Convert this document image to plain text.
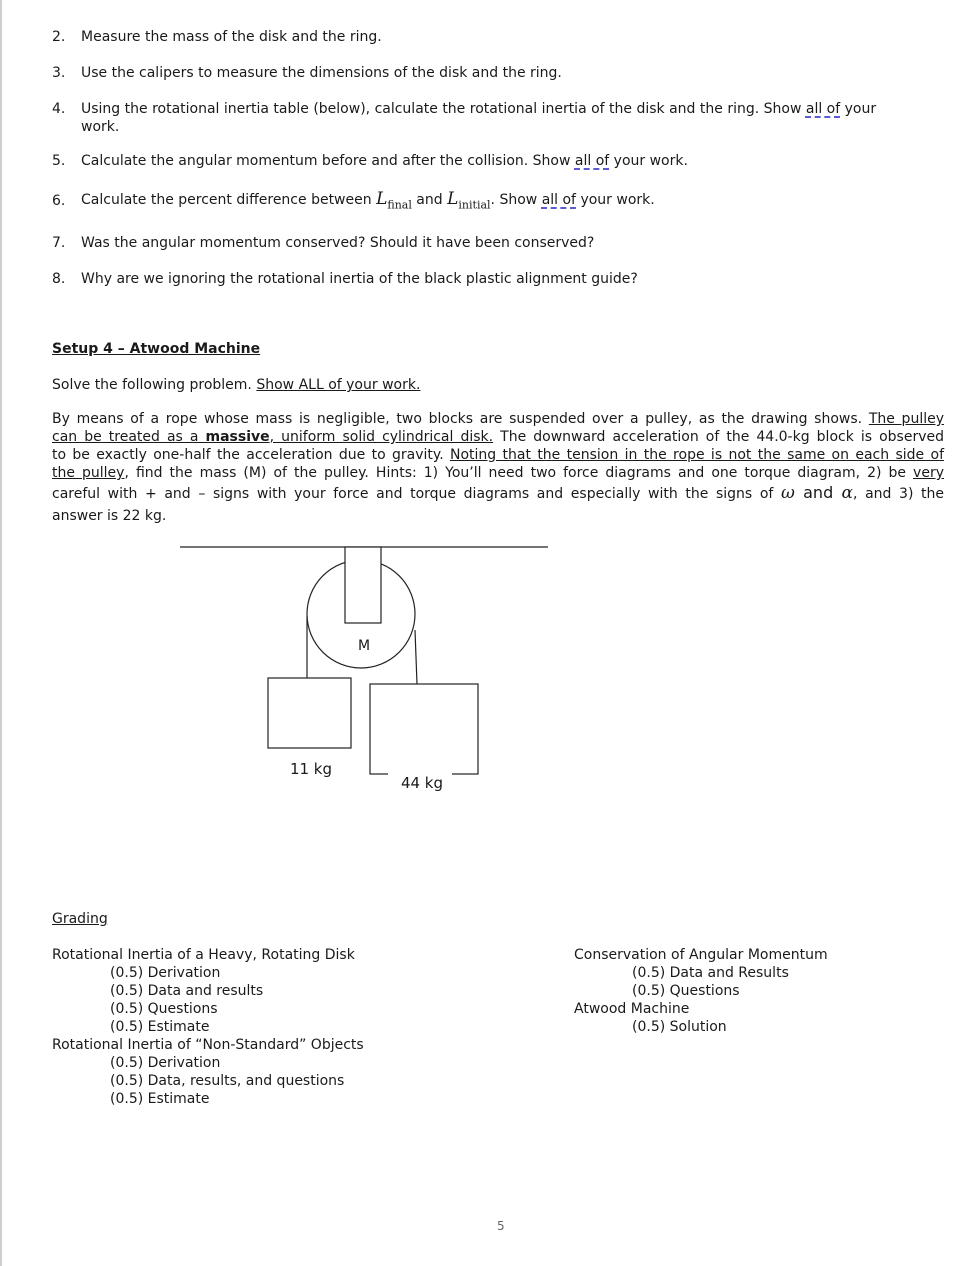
2. Measure the mass of the disk and the ring.
3. Use the calipers to measure the dimensions of the disk and the ring.
4. Using the rotational inertia table (below), calculate the rotational inertia of the disk and the ring. Show all of your
work.
5. Calculate the angular momentum before and after the collision. Show all of your work.
6. Calculate the percent difference between $L_{final}$ and $L_{initial}$. Show all of your work.
7. Was the angular momentum conserved? Should it have been conserved?
8. Why are we ignoring the rotational inertia of the black plastic alignment guide?
Setup 4 – Atwood Machine
Solve the following problem. Show ALL of your work.
By means of a rope whose mass is negligible, two blocks are suspended over a pulley, as the drawing shows. The pulley
can be treated as a massive, uniform solid cylindrical disk. The downward acceleration of the 44.0-kg block is observed
to be exactly one-half the acceleration due to gravity. Noting that the tension in the rope is not the same on each side of
the pulley, find the mass (M) of the pulley. Hints: 1) You’ll need two force diagrams and one torque diagram, 2) be very
careful with + and – signs with your force and torque diagrams and especially with the signs of ω and α, and 3) the
answer is 22 kg.
M
11 kg
44 kg
Grading
Rotational Inertia of a Heavy, Rotating Disk
(0.5) Derivation
(0.5) Data and results
(0.5) Questions
(0.5) Estimate
Rotational Inertia of “Non-Standard” Objects
(0.5) Derivation
(0.5) Data, results, and questions
(0.5) Estimate
Conservation of Angular Momentum
(0.5) Data and Results
(0.5) Questions
Atwood Machine
(0.5) Solution
5
